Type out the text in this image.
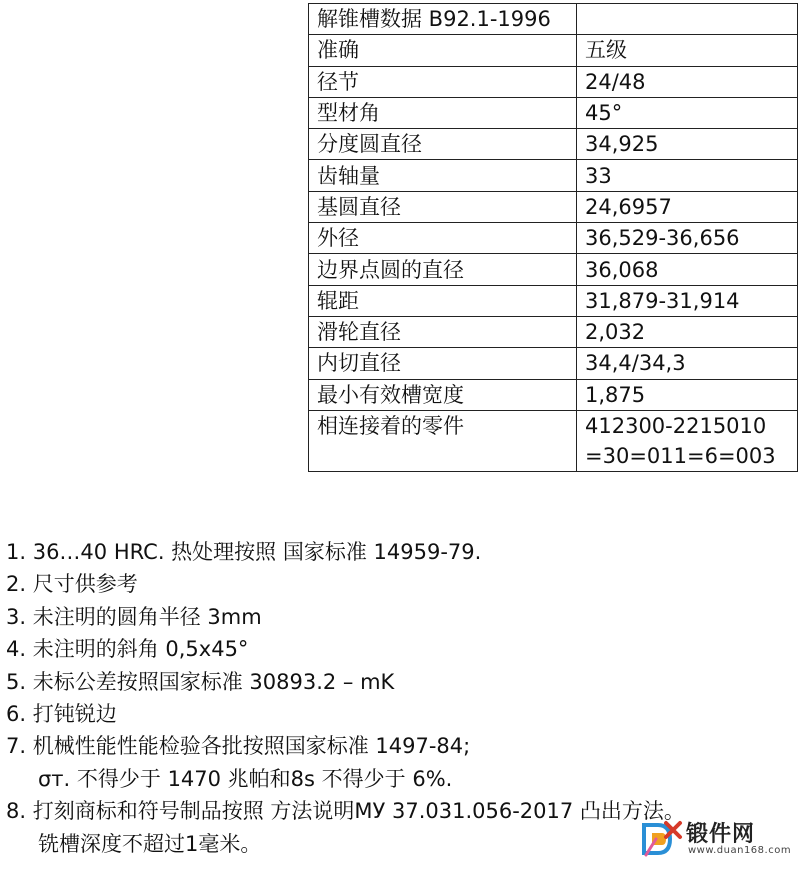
解锥槽数据 B92.1-1996	
准确	五级
径节	24/48
型材角	45°
分度圆直径	34,925
齿轴量	33
基圆直径	24,6957
外径	36,529-36,656
边界点圆的直径	36,068
辊距	31,879-31,914
滑轮直径	2,032
内切直径	34,4/34,3
最小有效槽宽度	1,875

相连接着的零件	412300-2215010
=30=011=6=003
1. 36…40 HRC. 热处理按照 国家标准 14959-79.
2. 尺寸供参考
3. 未注明的圆角半径 3mm
4. 未注明的斜角 0,5x45°
5. 未标公差按照国家标准 30893.2 – mK
6. 打钝锐边
7. 机械性能性能检验各批按照国家标准 1497-84;
σт. 不得少于 1470 兆帕和8s 不得少于 6%.
8. 打刻商标和符号制品按照 方法说明МУ 37.031.056-2017 凸出方法。
铣槽深度不超过1毫米。	锻件网
www.duan168.com
